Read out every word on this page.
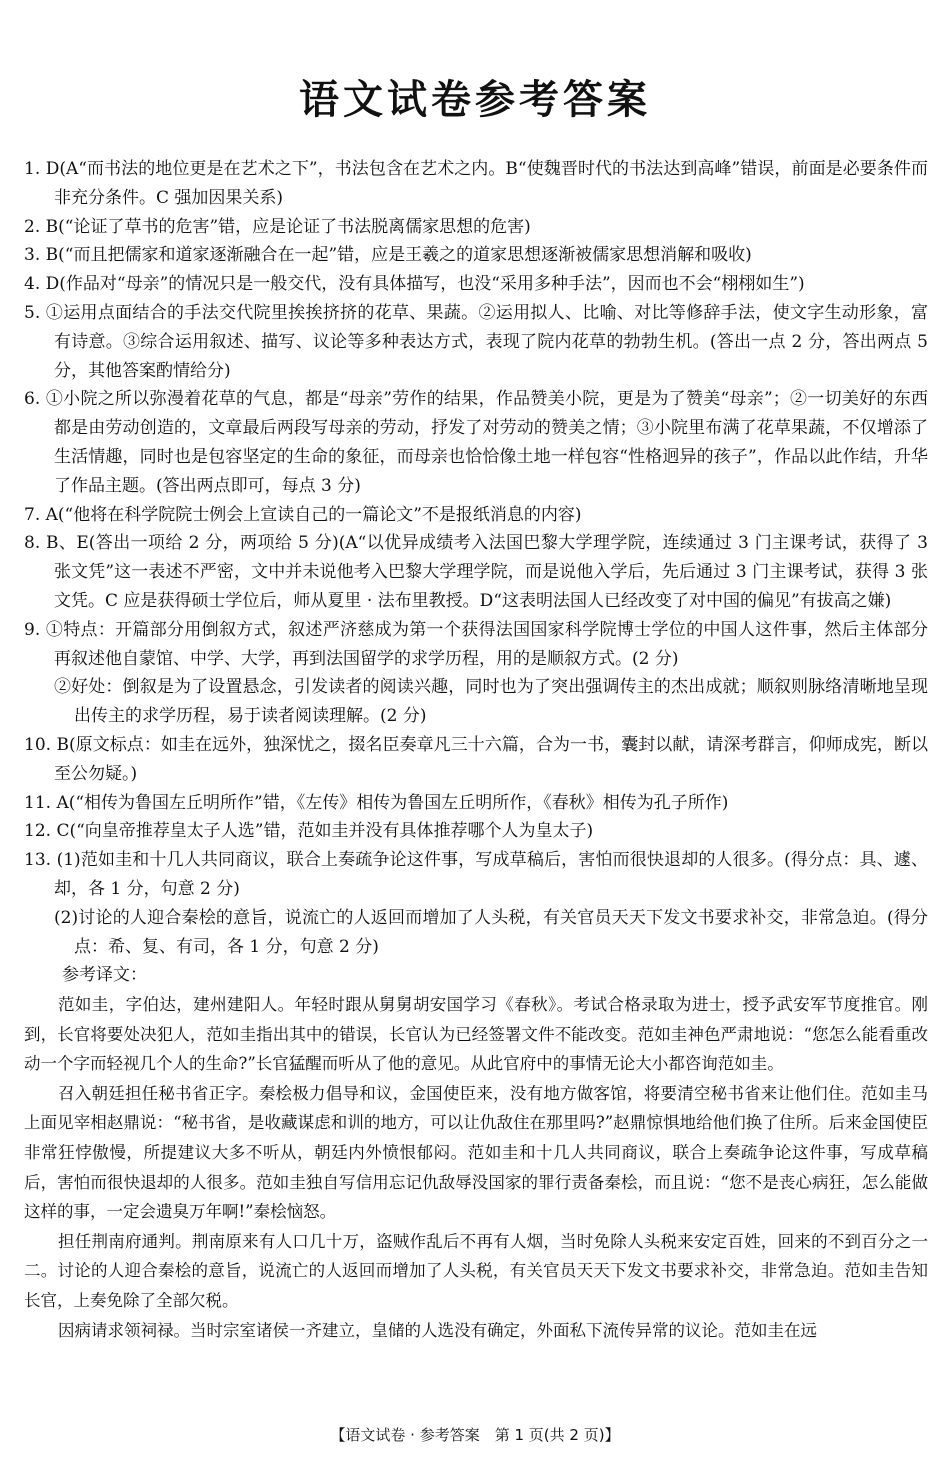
语文试卷参考答案

1. D(A“而书法的地位更是在艺术之下”，书法包含在艺术之内。B“使魏晋时代的书法达到高峰”错误，前面是必要条件而非充分条件。C 强加因果关系)

2. B(“论证了草书的危害”错，应是论证了书法脱离儒家思想的危害)

3. B(“而且把儒家和道家逐渐融合在一起”错，应是王羲之的道家思想逐渐被儒家思想消解和吸收)

4. D(作品对“母亲”的情况只是一般交代，没有具体描写，也没“采用多种手法”，因而也不会“栩栩如生”)

5. ①运用点面结合的手法交代院里挨挨挤挤的花草、果蔬。②运用拟人、比喻、对比等修辞手法，使文字生动形象，富有诗意。③综合运用叙述、描写、议论等多种表达方式，表现了院内花草的勃勃生机。(答出一点 2 分，答出两点 5 分，其他答案酌情给分)

6. ①小院之所以弥漫着花草的气息，都是“母亲”劳作的结果，作品赞美小院，更是为了赞美“母亲”；②一切美好的东西都是由劳动创造的，文章最后两段写母亲的劳动，抒发了对劳动的赞美之情；③小院里布满了花草果蔬，不仅增添了生活情趣，同时也是包容坚定的生命的象征，而母亲也恰恰像土地一样包容“性格迥异的孩子”，作品以此作结，升华了作品主题。(答出两点即可，每点 3 分)

7. A(“他将在科学院院士例会上宣读自己的一篇论文”不是报纸消息的内容)

8. B、E(答出一项给 2 分，两项给 5 分)(A“以优异成绩考入法国巴黎大学理学院，连续通过 3 门主课考试，获得了 3 张文凭”这一表述不严密，文中并未说他考入巴黎大学理学院，而是说他入学后，先后通过 3 门主课考试，获得 3 张文凭。C 应是获得硕士学位后，师从夏里 · 法布里教授。D“这表明法国人已经改变了对中国的偏见”有拔高之嫌)

9. ①特点：开篇部分用倒叙方式，叙述严济慈成为第一个获得法国国家科学院博士学位的中国人这件事，然后主体部分再叙述他自蒙馆、中学、大学，再到法国留学的求学历程，用的是顺叙方式。(2 分)

②好处：倒叙是为了设置悬念，引发读者的阅读兴趣，同时也为了突出强调传主的杰出成就；顺叙则脉络清晰地呈现出传主的求学历程，易于读者阅读理解。(2 分)

10. B(原文标点：如圭在远外，独深忧之，掇名臣奏章凡三十六篇，合为一书，囊封以献，请深考群言，仰师成宪，断以至公勿疑。)

11. A(“相传为鲁国左丘明所作”错，《左传》相传为鲁国左丘明所作，《春秋》相传为孔子所作)

12. C(“向皇帝推荐皇太子人选”错，范如圭并没有具体推荐哪个人为皇太子)

13. (1)范如圭和十几人共同商议，联合上奏疏争论这件事，写成草稿后，害怕而很快退却的人很多。(得分点：具、遽、却，各 1 分，句意 2 分)

(2)讨论的人迎合秦桧的意旨，说流亡的人返回而增加了人头税，有关官员天天下发文书要求补交，非常急迫。(得分点：希、复、有司，各 1 分，句意 2 分)

参考译文：

范如圭，字伯达，建州建阳人。年轻时跟从舅舅胡安国学习《春秋》。考试合格录取为进士，授予武安军节度推官。刚到，长官将要处决犯人，范如圭指出其中的错误，长官认为已经签署文件不能改变。范如圭神色严肃地说：“您怎么能看重改动一个字而轻视几个人的生命?”长官猛醒而听从了他的意见。从此官府中的事情无论大小都咨询范如圭。

召入朝廷担任秘书省正字。秦桧极力倡导和议，金国使臣来，没有地方做客馆，将要清空秘书省来让他们住。范如圭马上面见宰相赵鼎说：“秘书省，是收藏谋虑和训的地方，可以让仇敌住在那里吗?”赵鼎惊惧地给他们换了住所。后来金国使臣非常狂悖傲慢，所提建议大多不听从，朝廷内外愤恨郁闷。范如圭和十几人共同商议，联合上奏疏争论这件事，写成草稿后，害怕而很快退却的人很多。范如圭独自写信用忘记仇敌辱没国家的罪行责备秦桧，而且说：“您不是丧心病狂，怎么能做这样的事，一定会遗臭万年啊!”秦桧恼怒。

担任荆南府通判。荆南原来有人口几十万，盗贼作乱后不再有人烟，当时免除人头税来安定百姓，回来的不到百分之一二。讨论的人迎合秦桧的意旨，说流亡的人返回而增加了人头税，有关官员天天下发文书要求补交，非常急迫。范如圭告知长官，上奏免除了全部欠税。

因病请求领祠禄。当时宗室诸侯一齐建立，皇储的人选没有确定，外面私下流传异常的议论。范如圭在远

【语文试卷 · 参考答案　第 1 页(共 2 页)】
